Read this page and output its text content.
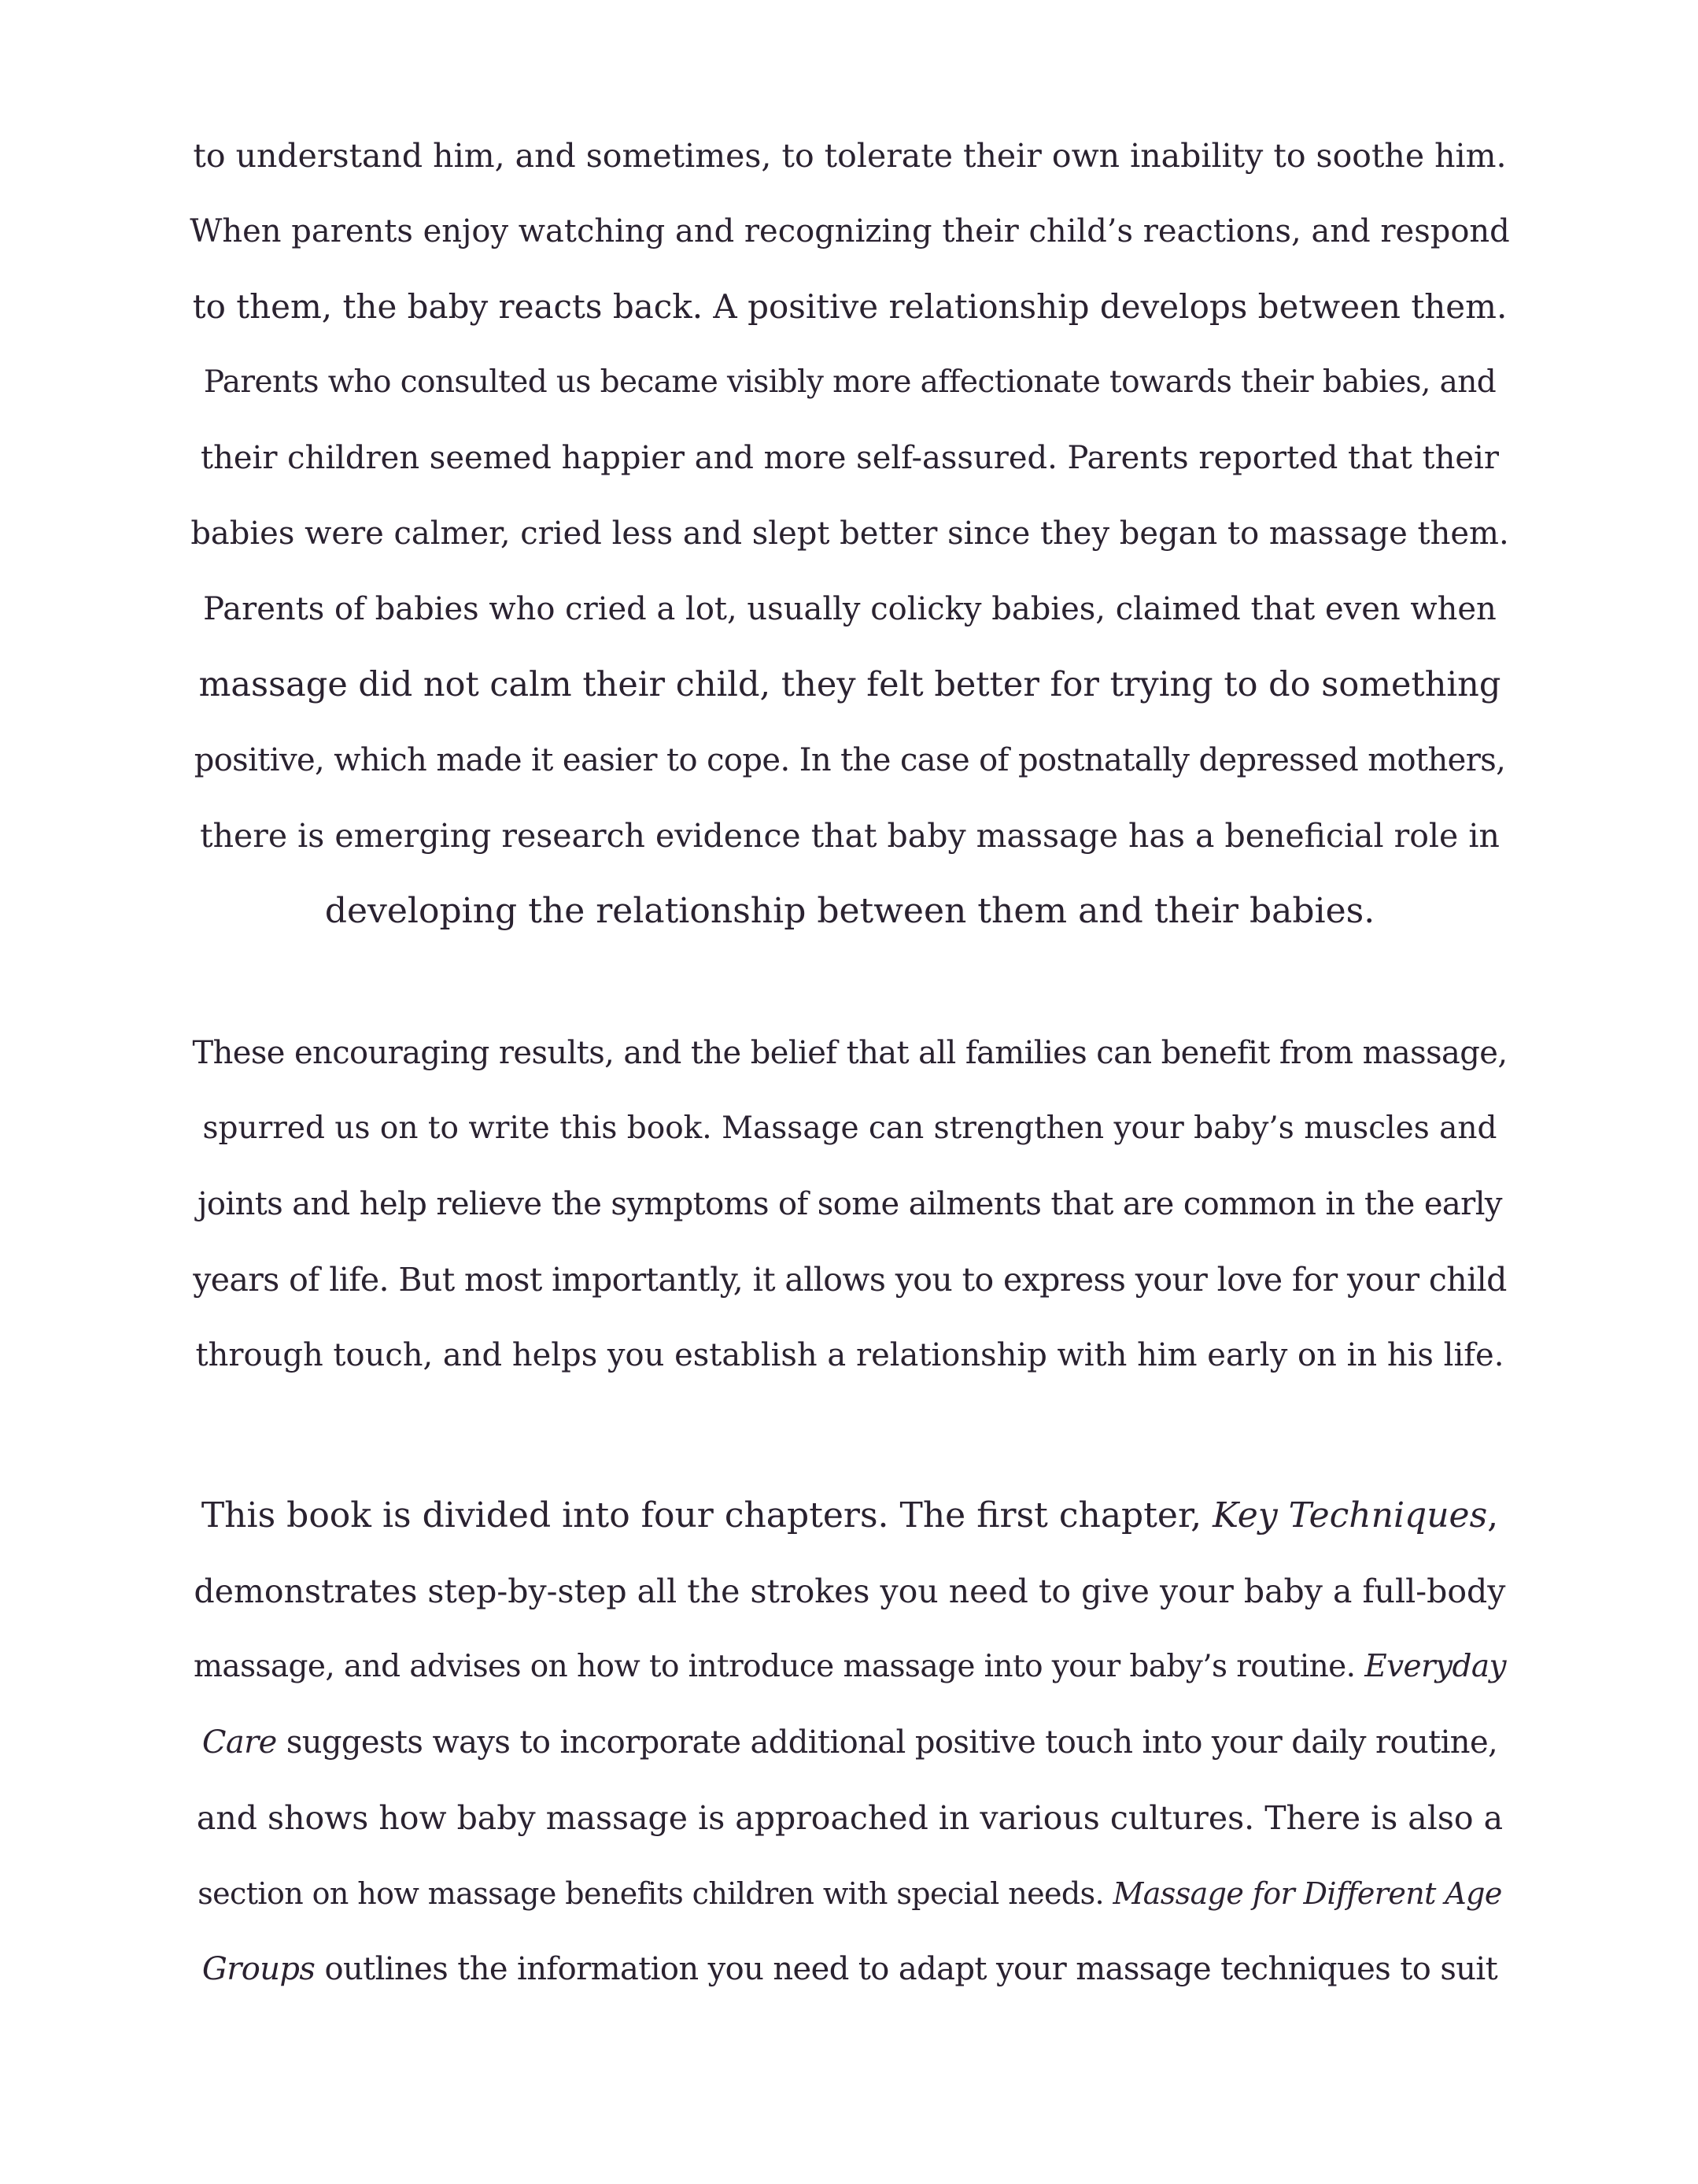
to understand him, and sometimes, to tolerate their own inability to soothe him.
When parents enjoy watching and recognizing their child’s reactions, and respond
to them, the baby reacts back. A positive relationship develops between them.
Parents who consulted us became visibly more affectionate towards their babies, and
their children seemed happier and more self-assured. Parents reported that their
babies were calmer, cried less and slept better since they began to massage them.
Parents of babies who cried a lot, usually colicky babies, claimed that even when
massage did not calm their child, they felt better for trying to do something
positive, which made it easier to cope. In the case of postnatally depressed mothers,
there is emerging research evidence that baby massage has a beneficial role in
developing the relationship between them and their babies.
These encouraging results, and the belief that all families can benefit from massage,
spurred us on to write this book. Massage can strengthen your baby’s muscles and
joints and help relieve the symptoms of some ailments that are common in the early
years of life. But most importantly, it allows you to express your love for your child
through touch, and helps you establish a relationship with him early on in his life.
This book is divided into four chapters. The first chapter, Key Techniques,
demonstrates step-by-step all the strokes you need to give your baby a full-body
massage, and advises on how to introduce massage into your baby’s routine. Everyday
Care suggests ways to incorporate additional positive touch into your daily routine,
and shows how baby massage is approached in various cultures. There is also a
section on how massage benefits children with special needs. Massage for Different Age
Groups outlines the information you need to adapt your massage techniques to suit
